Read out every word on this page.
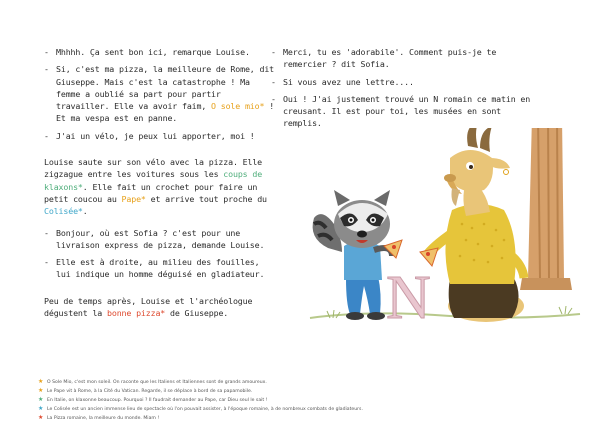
- Mhhhh. Ça sent bon ici, remarque Louise.
- Si, c'est ma pizza, la meilleure de Rome, dit Giuseppe. Mais c'est la catastrophe ! Ma femme a oublié sa part pour partir travailler. Elle va avoir faim, O sole mio* ! Et ma vespa est en panne.
- J'ai un vélo, je peux lui apporter, moi !
Louise saute sur son vélo avec la pizza. Elle zigzague entre les voitures sous les coups de klaxons*. Elle fait un crochet pour faire un petit coucou au Pape* et arrive tout proche du Colisée*.
- Bonjour, où est Sofia ? c'est pour une livraison express de pizza, demande Louise.
- Elle est à droite, au milieu des fouilles, lui indique un homme déguisé en gladiateur.
Peu de temps après, Louise et l'archéologue dégustent la bonne pizza* de Giuseppe.
- Merci, tu es 'adorabile'. Comment puis-je te remercier ? dit Sofia.
- Si vous avez une lettre....
- Oui ! J'ai justement trouvé un N romain ce matin en creusant. Il est pour toi, les musées en sont remplis.
N
★ O Sole Mio, c'est mon soleil. On raconte que les Italiens et Italiennes sont de grands amoureux.
★ Le Pape vit à Rome, à la Cité du Vatican. Regarde, il se déplace à bord de sa papamobile.
★ En Italie, on klaxonne beaucoup. Pourquoi ? Il faudrait demander au Pape, car Dieu seul le sait !
★ Le Colisée est un ancien immense lieu de spectacle où l'on pouvait assister, à l'époque romaine, à de nombreux combats de gladiateurs.
★ La Pizza romaine, la meilleure du monde. Miam !
